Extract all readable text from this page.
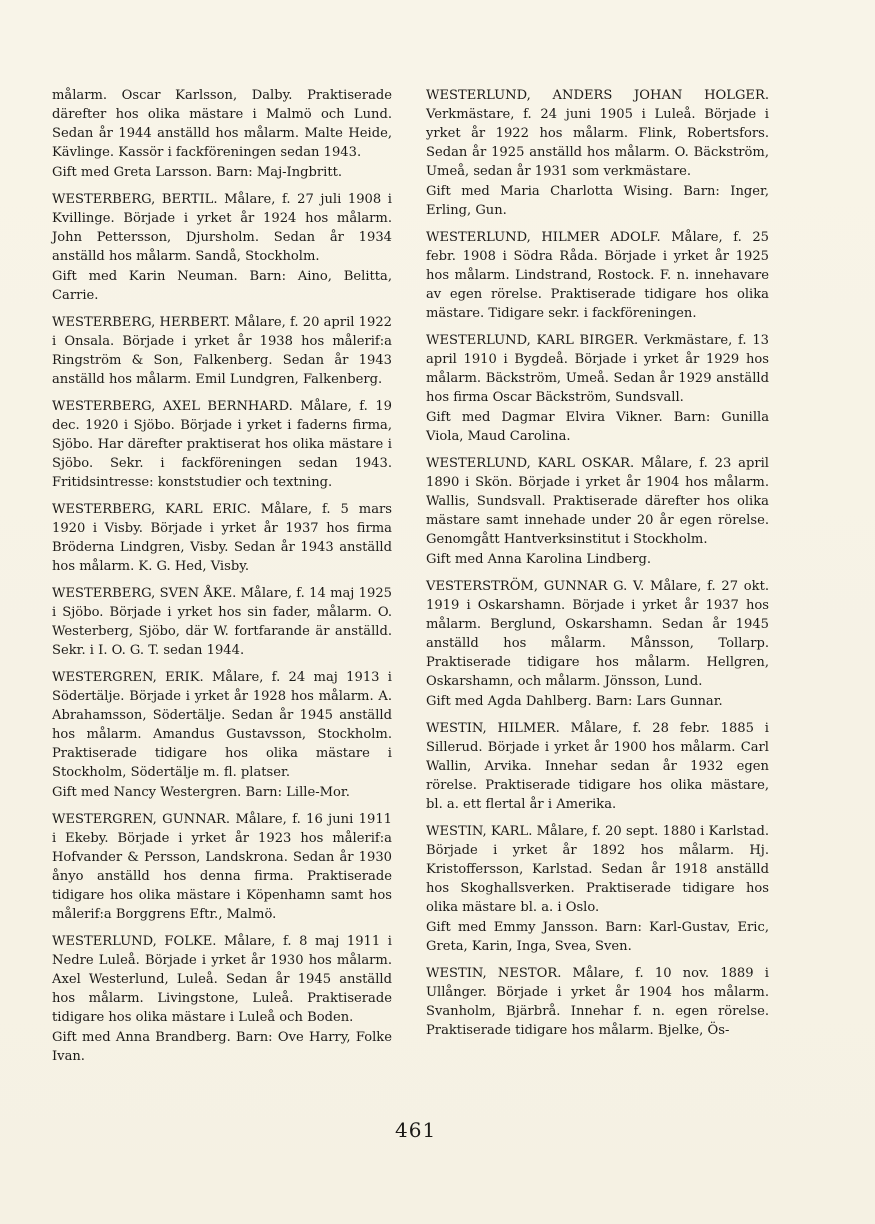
målarm. Oscar Karlsson, Dalby. Praktiserade därefter hos olika mästare i Malmö och Lund. Sedan år 1944 anställd hos målarm. Malte Heide, Kävlinge. Kassör i fackföreningen sedan 1943.

Gift med Greta Larsson. Barn: Maj-Ingbritt.

WESTERBERG, BERTIL. Målare, f. 27 juli 1908 i Kvillinge. Började i yrket år 1924 hos målarm. John Pettersson, Djursholm. Sedan år 1934 anställd hos målarm. Sandå, Stockholm.

Gift med Karin Neuman. Barn: Aino, Belitta, Carrie.

WESTERBERG, HERBERT. Målare, f. 20 april 1922 i Onsala. Började i yrket år 1938 hos målerif:a Ringström & Son, Falkenberg. Sedan år 1943 anställd hos målarm. Emil Lundgren, Falkenberg.

WESTERBERG, AXEL BERNHARD. Målare, f. 19 dec. 1920 i Sjöbo. Började i yrket i faderns firma, Sjöbo. Har därefter praktiserat hos olika mästare i Sjöbo. Sekr. i fackföreningen sedan 1943. Fritidsintresse: konststudier och textning.

WESTERBERG, KARL ERIC. Målare, f. 5 mars 1920 i Visby. Började i yrket år 1937 hos firma Bröderna Lindgren, Visby. Sedan år 1943 anställd hos målarm. K. G. Hed, Visby.

WESTERBERG, SVEN ÅKE. Målare, f. 14 maj 1925 i Sjöbo. Började i yrket hos sin fader, målarm. O. Westerberg, Sjöbo, där W. fortfarande är anställd. Sekr. i I. O. G. T. sedan 1944.

WESTERGREN, ERIK. Målare, f. 24 maj 1913 i Södertälje. Började i yrket år 1928 hos målarm. A. Abrahamsson, Södertälje. Sedan år 1945 anställd hos målarm. Amandus Gustavsson, Stockholm. Praktiserade tidigare hos olika mästare i Stockholm, Södertälje m. fl. platser.

Gift med Nancy Westergren. Barn: Lille-Mor.

WESTERGREN, GUNNAR. Målare, f. 16 juni 1911 i Ekeby. Började i yrket år 1923 hos målerif:a Hofvander & Persson, Landskrona. Sedan år 1930 ånyo anställd hos denna firma. Praktiserade tidigare hos olika mästare i Köpenhamn samt hos målerif:a Borggrens Eftr., Malmö.

WESTERLUND, FOLKE. Målare, f. 8 maj 1911 i Nedre Luleå. Började i yrket år 1930 hos målarm. Axel Westerlund, Luleå. Sedan år 1945 anställd hos målarm. Livingstone, Luleå. Praktiserade tidigare hos olika mästare i Luleå och Boden.

Gift med Anna Brandberg. Barn: Ove Harry, Folke Ivan.

WESTERLUND, ANDERS JOHAN HOLGER. Verkmästare, f. 24 juni 1905 i Luleå. Började i yrket år 1922 hos målarm. Flink, Robertsfors. Sedan år 1925 anställd hos målarm. O. Bäckström, Umeå, sedan år 1931 som verkmästare.

Gift med Maria Charlotta Wising. Barn: Inger, Erling, Gun.

WESTERLUND, HILMER ADOLF. Målare, f. 25 febr. 1908 i Södra Råda. Började i yrket år 1925 hos målarm. Lindstrand, Rostock. F. n. innehavare av egen rörelse. Praktiserade tidigare hos olika mästare. Tidigare sekr. i fackföreningen.

WESTERLUND, KARL BIRGER. Verkmästare, f. 13 april 1910 i Bygdeå. Började i yrket år 1929 hos målarm. Bäckström, Umeå. Sedan år 1929 anställd hos firma Oscar Bäckström, Sundsvall.

Gift med Dagmar Elvira Vikner. Barn: Gunilla Viola, Maud Carolina.

WESTERLUND, KARL OSKAR. Målare, f. 23 april 1890 i Skön. Började i yrket år 1904 hos målarm. Wallis, Sundsvall. Praktiserade därefter hos olika mästare samt innehade under 20 år egen rörelse. Genomgått Hantverksinstitut i Stockholm.

Gift med Anna Karolina Lindberg.

VESTERSTRÖM, GUNNAR G. V. Målare, f. 27 okt. 1919 i Oskarshamn. Började i yrket år 1937 hos målarm. Berglund, Oskarshamn. Sedan år 1945 anställd hos målarm. Månsson, Tollarp. Praktiserade tidigare hos målarm. Hellgren, Oskarshamn, och målarm. Jönsson, Lund.

Gift med Agda Dahlberg. Barn: Lars Gunnar.

WESTIN, HILMER. Målare, f. 28 febr. 1885 i Sillerud. Började i yrket år 1900 hos målarm. Carl Wallin, Arvika. Innehar sedan år 1932 egen rörelse. Praktiserade tidigare hos olika mästare, bl. a. ett flertal år i Amerika.

WESTIN, KARL. Målare, f. 20 sept. 1880 i Karlstad. Började i yrket år 1892 hos målarm. Hj. Kristoffersson, Karlstad. Sedan år 1918 anställd hos Skoghallsverken. Praktiserade tidigare hos olika mästare bl. a. i Oslo.

Gift med Emmy Jansson. Barn: Karl-Gustav, Eric, Greta, Karin, Inga, Svea, Sven.

WESTIN, NESTOR. Målare, f. 10 nov. 1889 i Ullånger. Började i yrket år 1904 hos målarm. Svanholm, Bjärbrå. Innehar f. n. egen rörelse. Praktiserade tidigare hos målarm. Bjelke, Ös-

461
